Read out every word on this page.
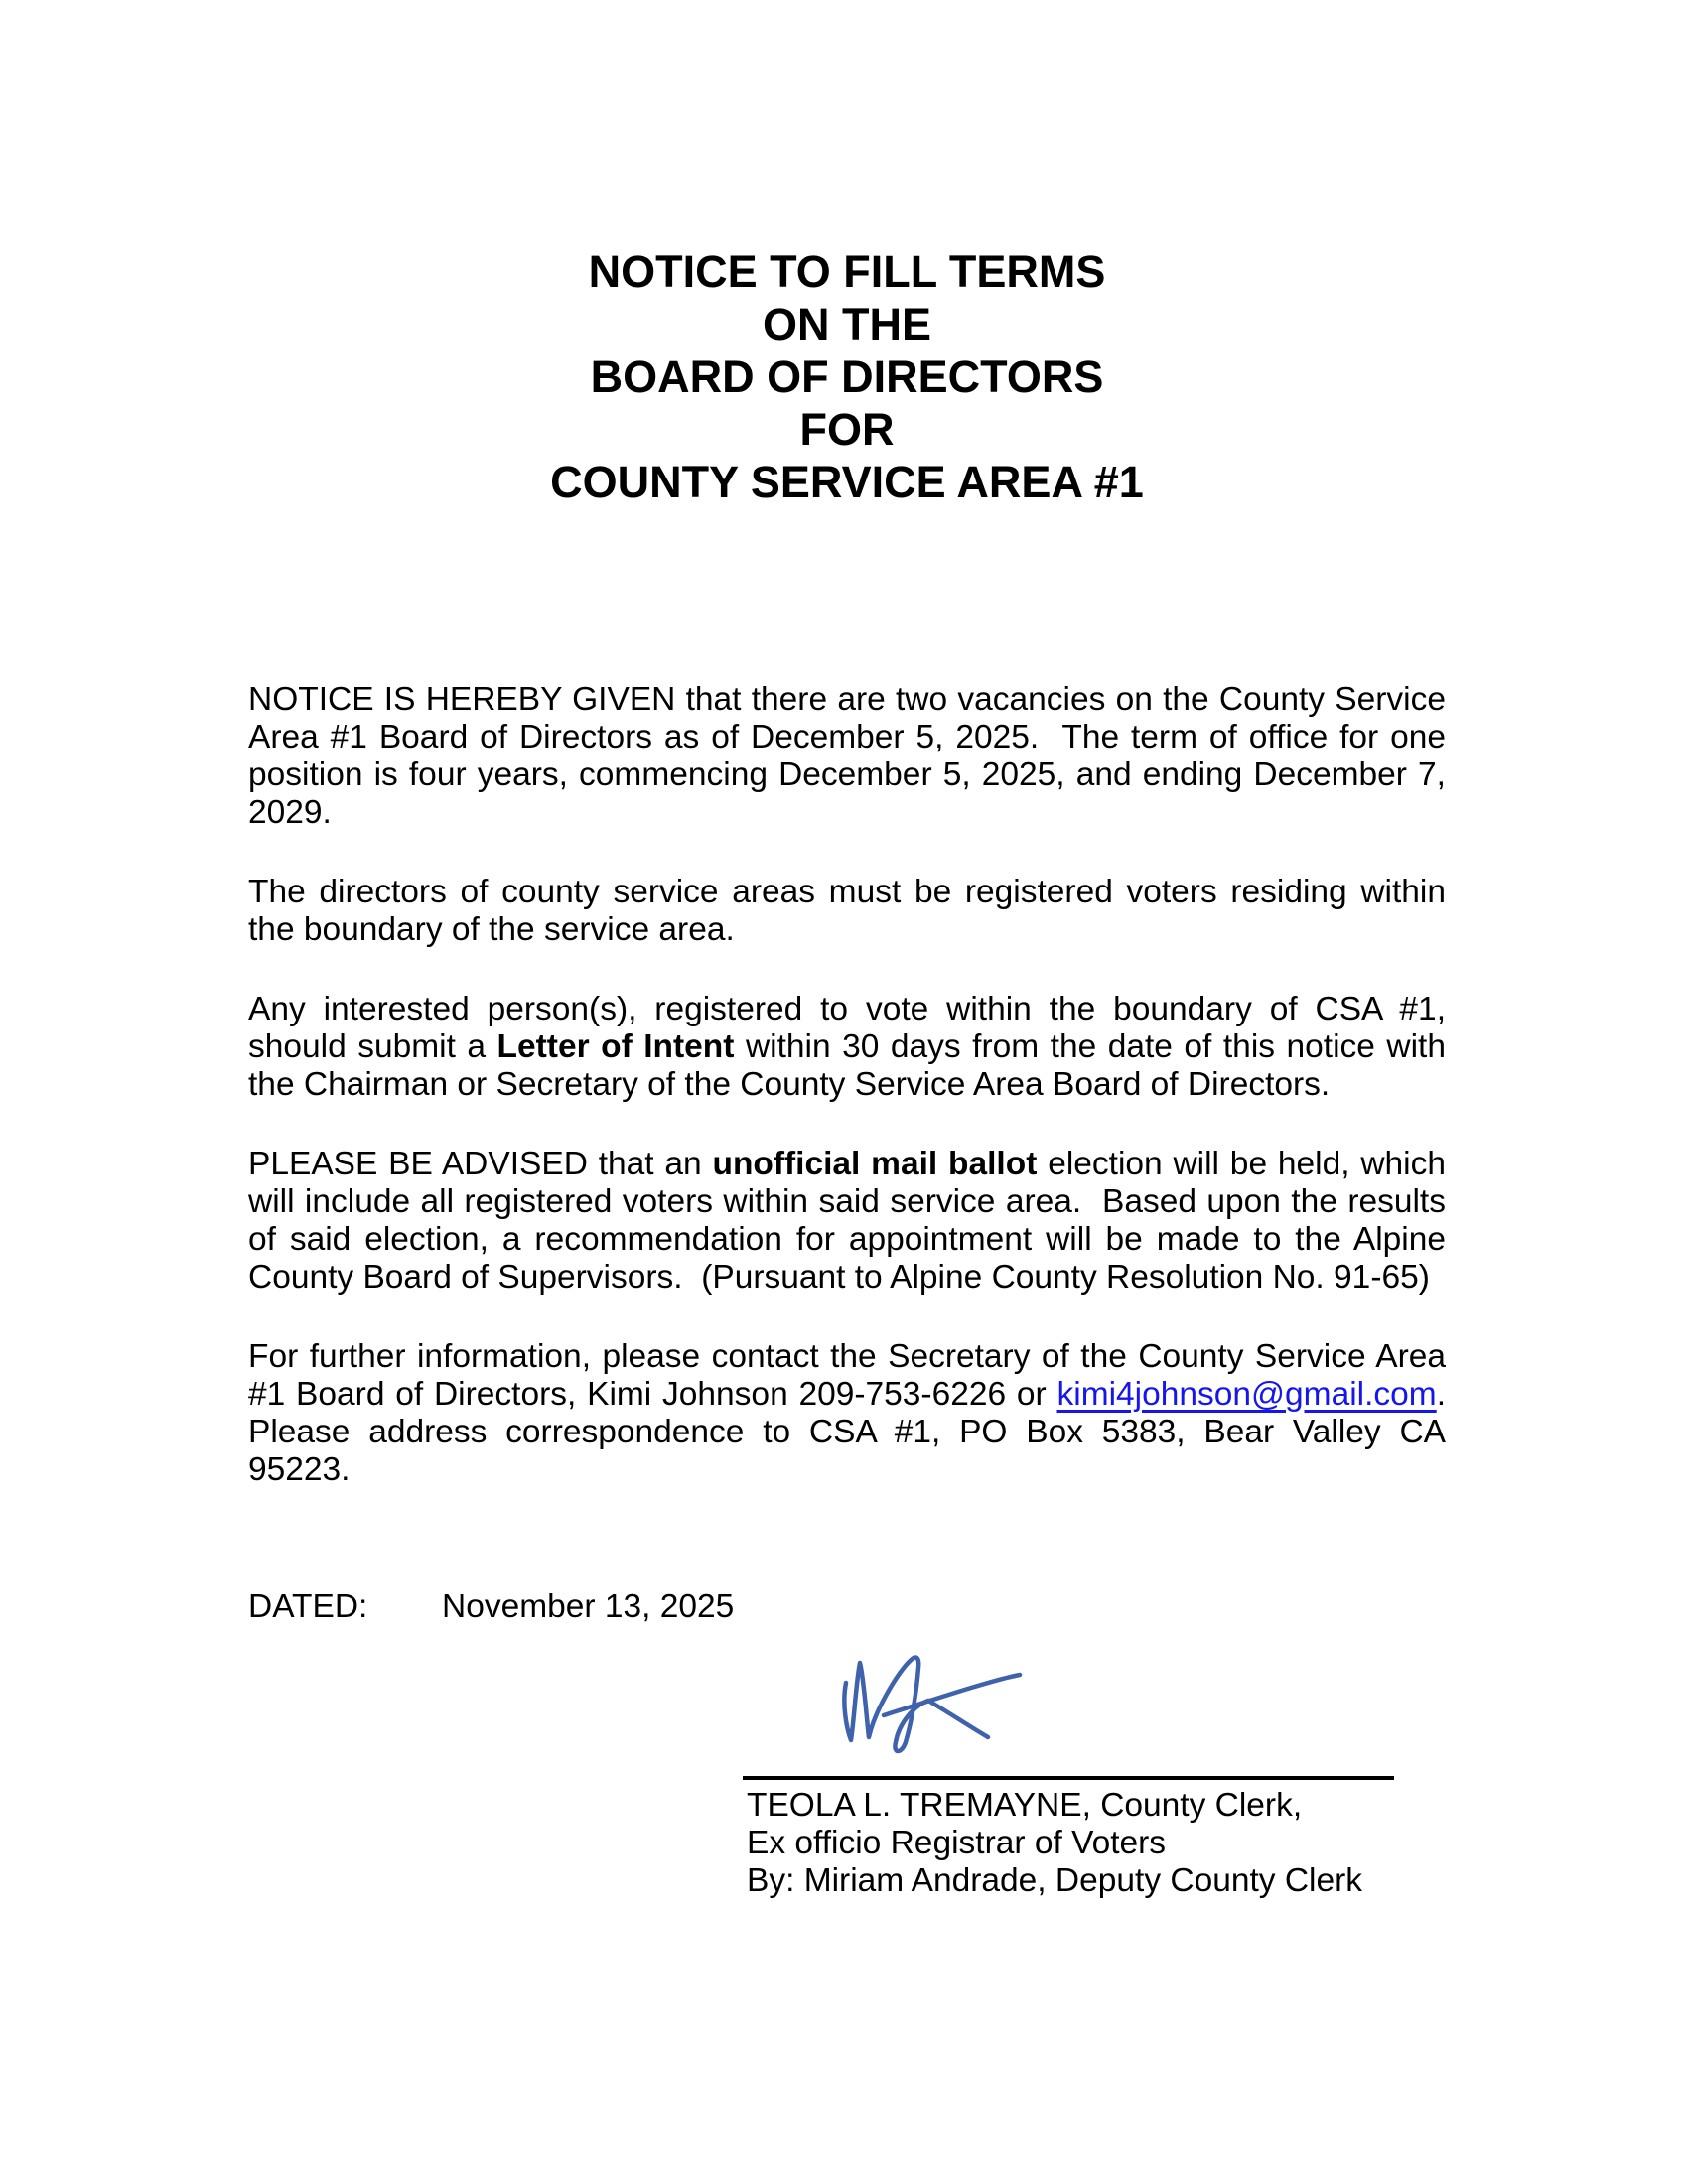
NOTICE TO FILL TERMS
ON THE
BOARD OF DIRECTORS
FOR
COUNTY SERVICE AREA #1

NOTICE IS HEREBY GIVEN that there are two vacancies on the County Service Area #1 Board of Directors as of December 5, 2025.  The term of office for one position is four years, commencing December 5, 2025, and ending December 7, 2029.

The directors of county service areas must be registered voters residing within the boundary of the service area.

Any interested person(s), registered to vote within the boundary of CSA #1, should submit a Letter of Intent within 30 days from the date of this notice with the Chairman or Secretary of the County Service Area Board of Directors.

PLEASE BE ADVISED that an unofficial mail ballot election will be held, which will include all registered voters within said service area.  Based upon the results of said election, a recommendation for appointment will be made to the Alpine County Board of Supervisors.  (Pursuant to Alpine County Resolution No. 91-65)

For further information, please contact the Secretary of the County Service Area #1 Board of Directors, Kimi Johnson 209-753-6226 or kimi4johnson@gmail.com.  Please address correspondence to CSA #1, PO Box 5383, Bear Valley CA 95223.

DATED: November 13, 2025
TEOLA L. TREMAYNE, County Clerk,
Ex officio Registrar of Voters
By: Miriam Andrade, Deputy County Clerk
